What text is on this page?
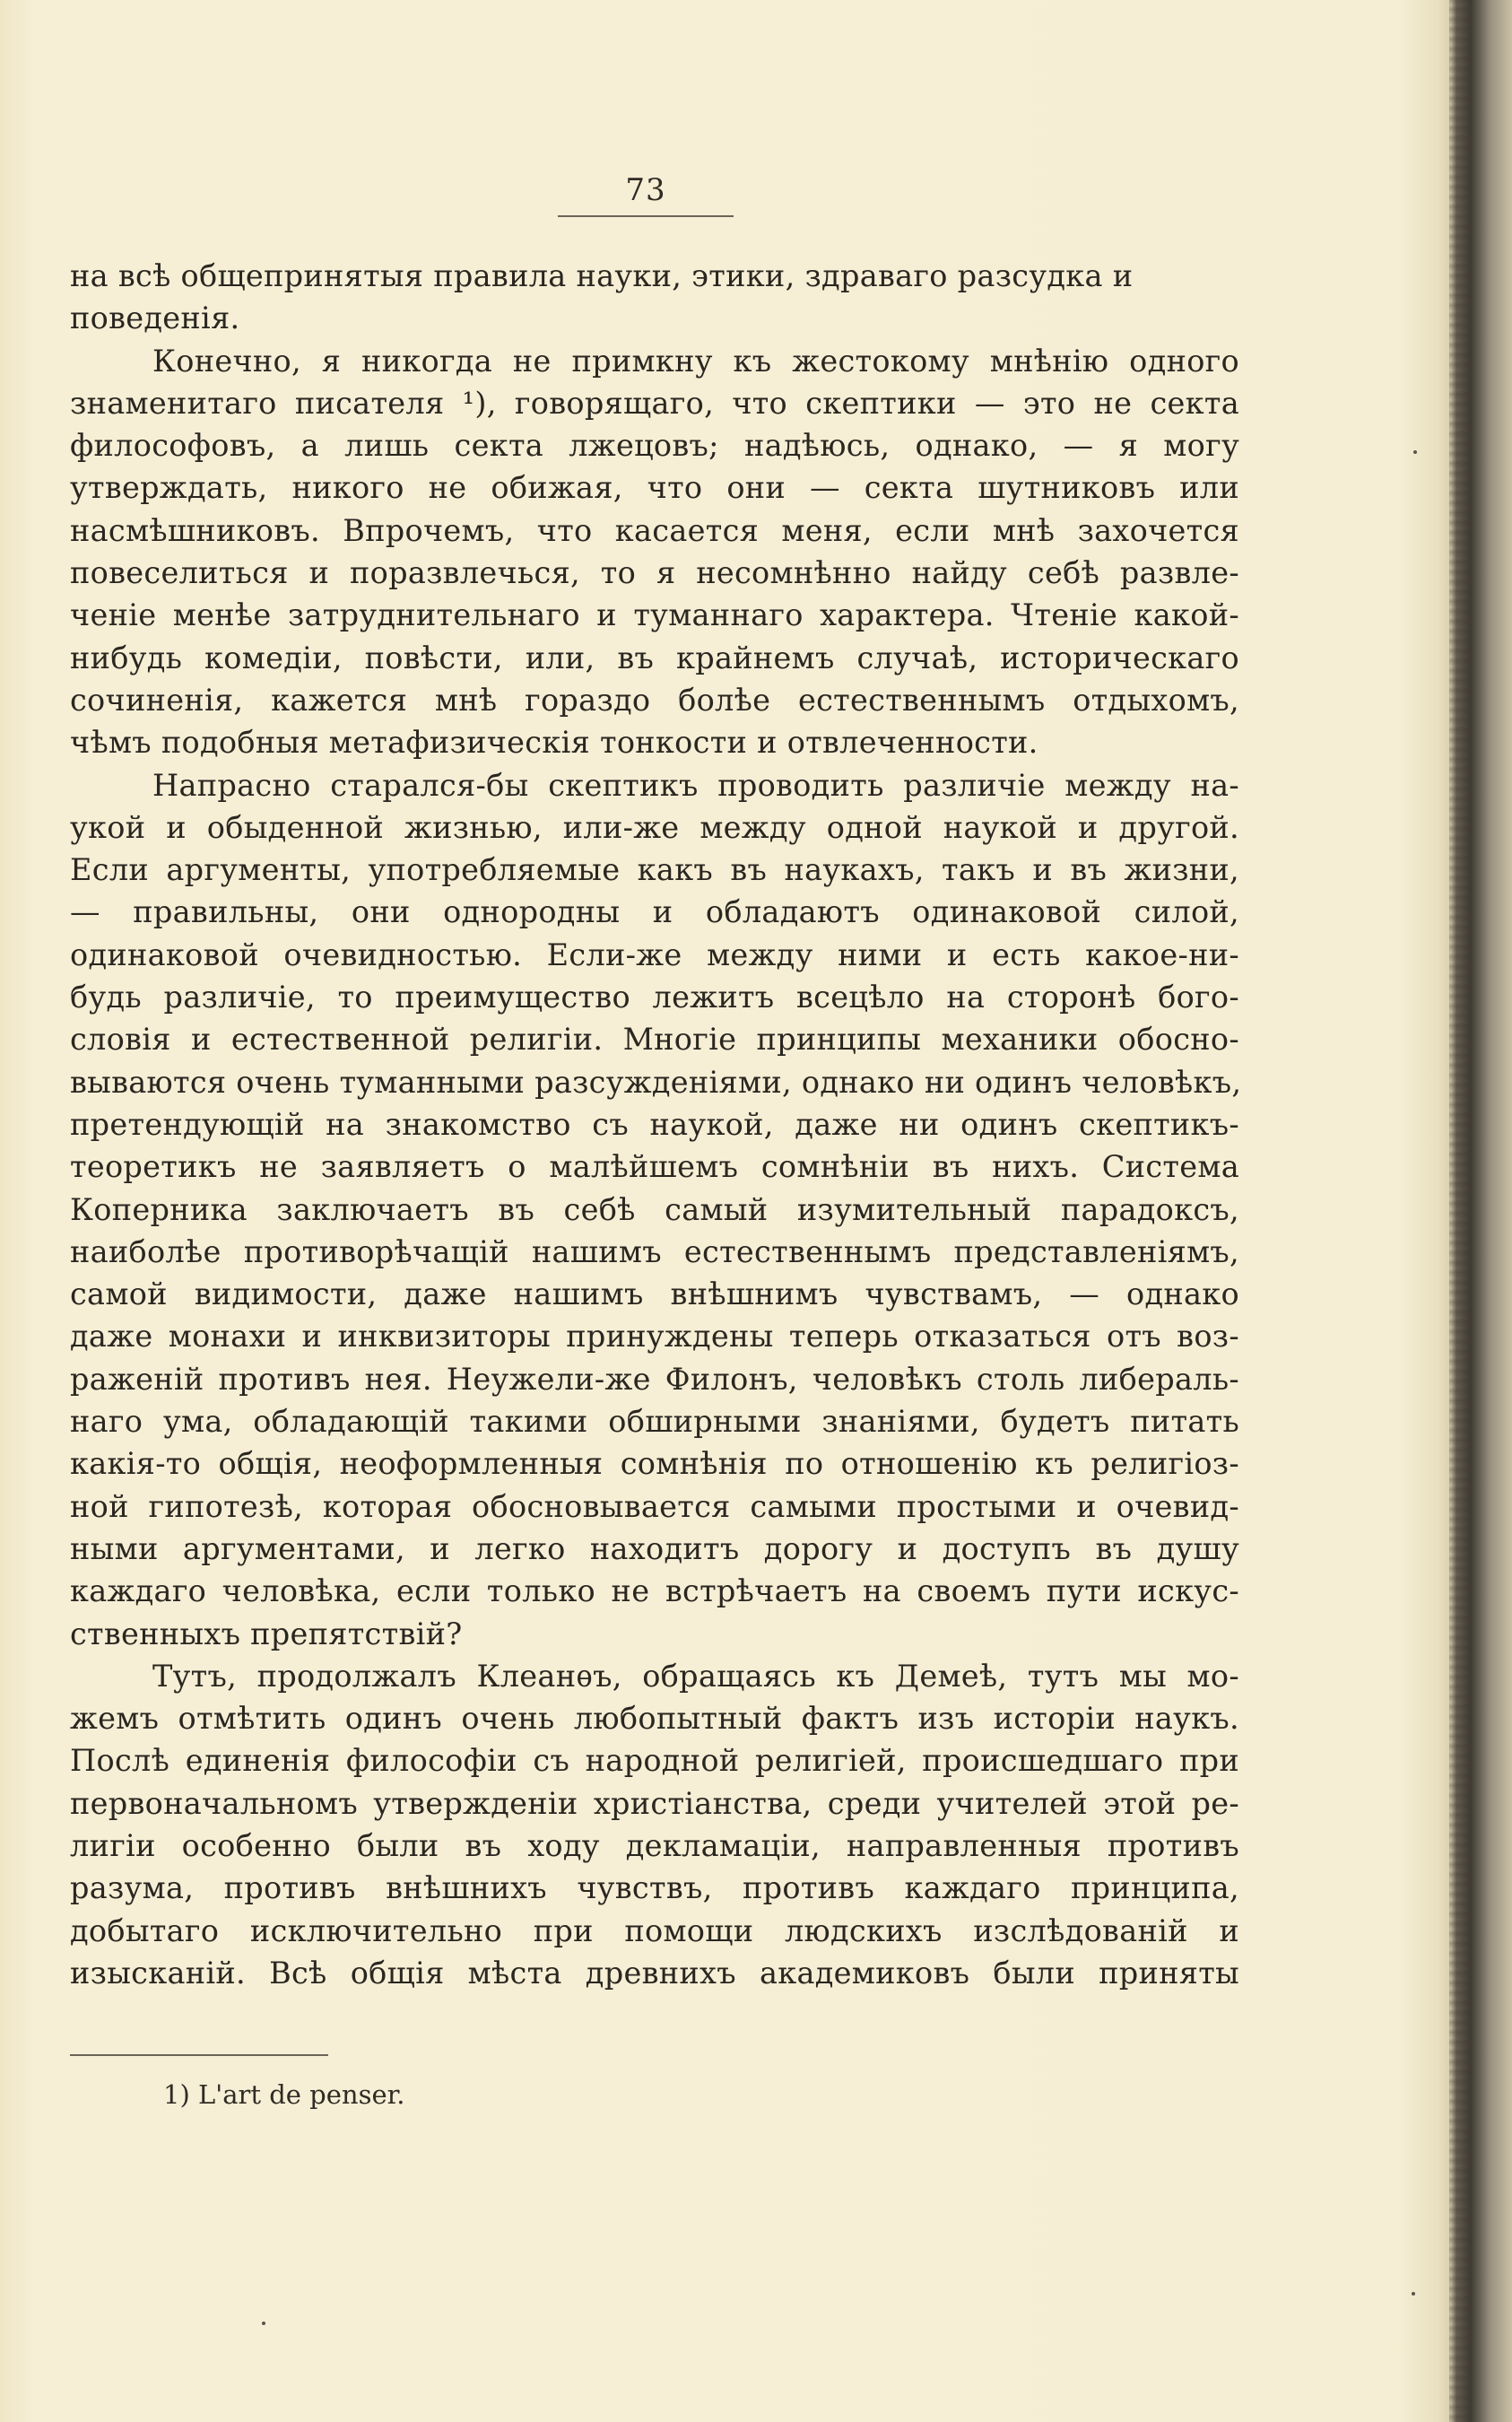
73
на всѣ общепринятыя правила науки, этики, здраваго разсудка и
поведенія.
Конечно, я никогда не примкну къ жестокому мнѣнію одного
знаменитаго писателя ¹), говорящаго, что скептики — это не секта
философовъ, а лишь секта лжецовъ; надѣюсь, однако, — я могу
утверждать, никого не обижая, что они — секта шутниковъ или
насмѣшниковъ. Впрочемъ, что касается меня, если мнѣ захочется
повеселиться и поразвлечься, то я несомнѣнно найду себѣ развле-
ченіе менѣе затруднительнаго и туманнаго характера. Чтеніе какой-
нибудь комедіи, повѣсти, или, въ крайнемъ случаѣ, историческаго
сочиненія, кажется мнѣ гораздо болѣе естественнымъ отдыхомъ,
чѣмъ подобныя метафизическія тонкости и отвлеченности.
Напрасно старался-бы скептикъ проводить различіе между на-
укой и обыденной жизнью, или-же между одной наукой и другой.
Если аргументы, употребляемые какъ въ наукахъ, такъ и въ жизни,
— правильны, они однородны и обладаютъ одинаковой силой,
одинаковой очевидностью. Если-же между ними и есть какое-ни-
будь различіе, то преимущество лежитъ всецѣло на сторонѣ бого-
словія и естественной религіи. Многіе принципы механики обосно-
вываются очень туманными разсужденіями, однако ни одинъ человѣкъ,
претендующій на знакомство съ наукой, даже ни одинъ скептикъ-
теоретикъ не заявляетъ о малѣйшемъ сомнѣніи въ нихъ. Система
Коперника заключаетъ въ себѣ самый изумительный парадоксъ,
наиболѣе противорѣчащій нашимъ естественнымъ представленіямъ,
самой видимости, даже нашимъ внѣшнимъ чувствамъ, — однако
даже монахи и инквизиторы принуждены теперь отказаться отъ воз-
раженій противъ нея. Неужели-же Филонъ, человѣкъ столь либераль-
наго ума, обладающій такими обширными знаніями, будетъ питать
какія-то общія, неоформленныя сомнѣнія по отношенію къ религіоз-
ной гипотезѣ, которая обосновывается самыми простыми и очевид-
ными аргументами, и легко находитъ дорогу и доступъ въ душу
каждаго человѣка, если только не встрѣчаетъ на своемъ пути искус-
ственныхъ препятствій?
Тутъ, продолжалъ Клеанѳъ, обращаясь къ Демеѣ, тутъ мы мо-
жемъ отмѣтить одинъ очень любопытный фактъ изъ исторіи наукъ.
Послѣ единенія философіи съ народной религіей, происшедшаго при
первоначальномъ утвержденіи христіанства, среди учителей этой ре-
лигіи особенно были въ ходу декламаціи, направленныя противъ
разума, противъ внѣшнихъ чувствъ, противъ каждаго принципа,
добытаго исключительно при помощи людскихъ изслѣдованій и
изысканій. Всѣ общія мѣста древнихъ академиковъ были приняты
1) L'art de penser.
